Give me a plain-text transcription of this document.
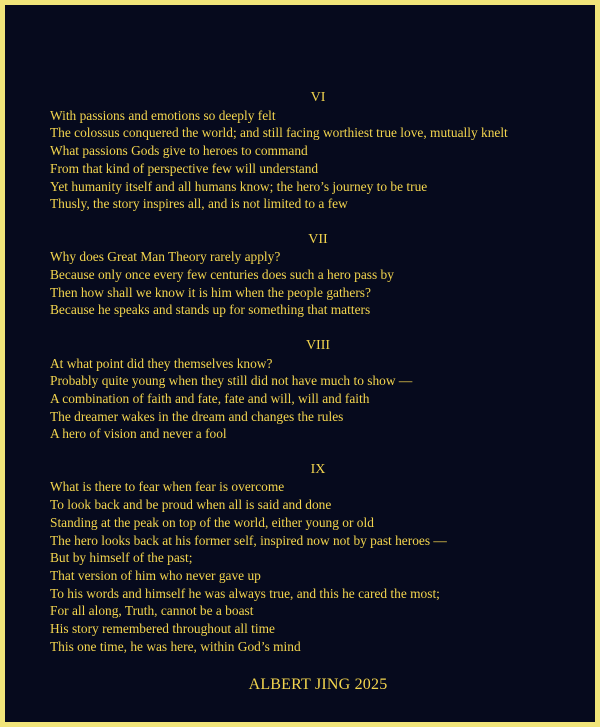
VI
With passions and emotions so deeply felt
The colossus conquered the world; and still facing worthiest true love, mutually knelt
What passions Gods give to heroes to command
From that kind of perspective few will understand
Yet humanity itself and all humans know; the hero’s journey to be true
Thusly, the story inspires all, and is not limited to a few
VII
Why does Great Man Theory rarely apply?
Because only once every few centuries does such a hero pass by
Then how shall we know it is him when the people gathers?
Because he speaks and stands up for something that matters
VIII
At what point did they themselves know?
Probably quite young when they still did not have much to show —
A combination of faith and fate, fate and will, will and faith
The dreamer wakes in the dream and changes the rules
A hero of vision and never a fool
IX
What is there to fear when fear is overcome
To look back and be proud when all is said and done
Standing at the peak on top of the world, either young or old
The hero looks back at his former self, inspired now not by past heroes —
But by himself of the past;
That version of him who never gave up
To his words and himself he was always true, and this he cared the most;
For all along, Truth, cannot be a boast
His story remembered throughout all time
This one time, he was here, within God’s mind
ALBERT JING 2025
